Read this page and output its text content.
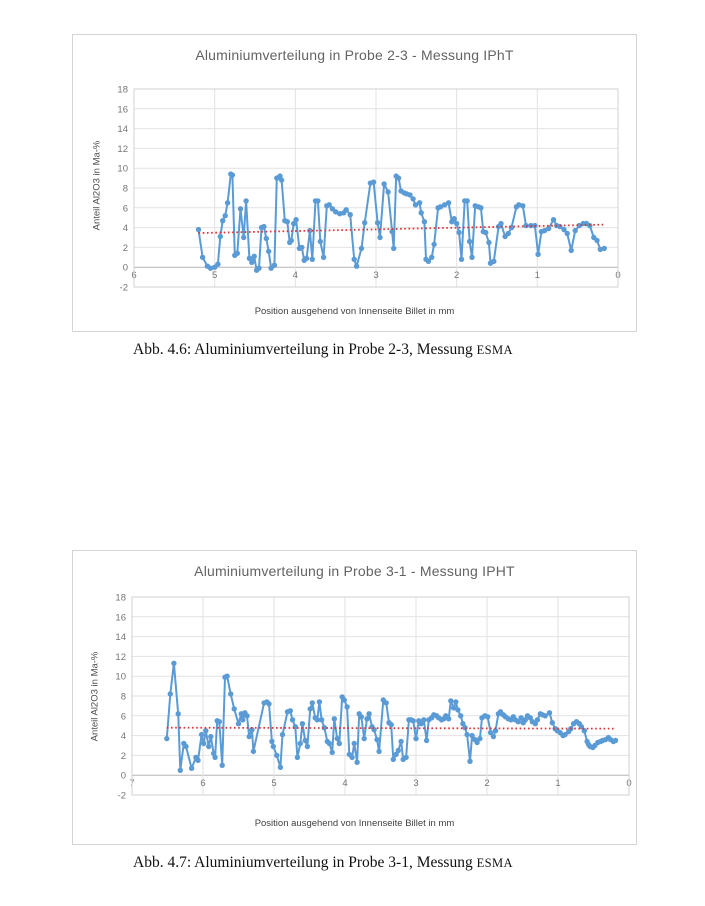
Aluminiumverteilung in Probe 2-3 - Messung IPhT
Anteil Al2O3 in Ma-%
-2
0
2
4
6
8
10
12
14
16
18
6	5	4	3	2	1	0
Position ausgehend von Innenseite Billet in mm
Abb. 4.6: Aluminiumverteilung in Probe 2-3, Messung ESMA
Aluminiumverteilung in Probe 3-1 - Messung IPHT
Anteil Al2O3 in Ma-%
-2
0
2
4
6
8
10
12
14
16
18
7	6	5	4	3	2	1	0
Position ausgehend von Innenseite Billet in mm
Abb. 4.7: Aluminiumverteilung in Probe 3-1, Messung ESMA
